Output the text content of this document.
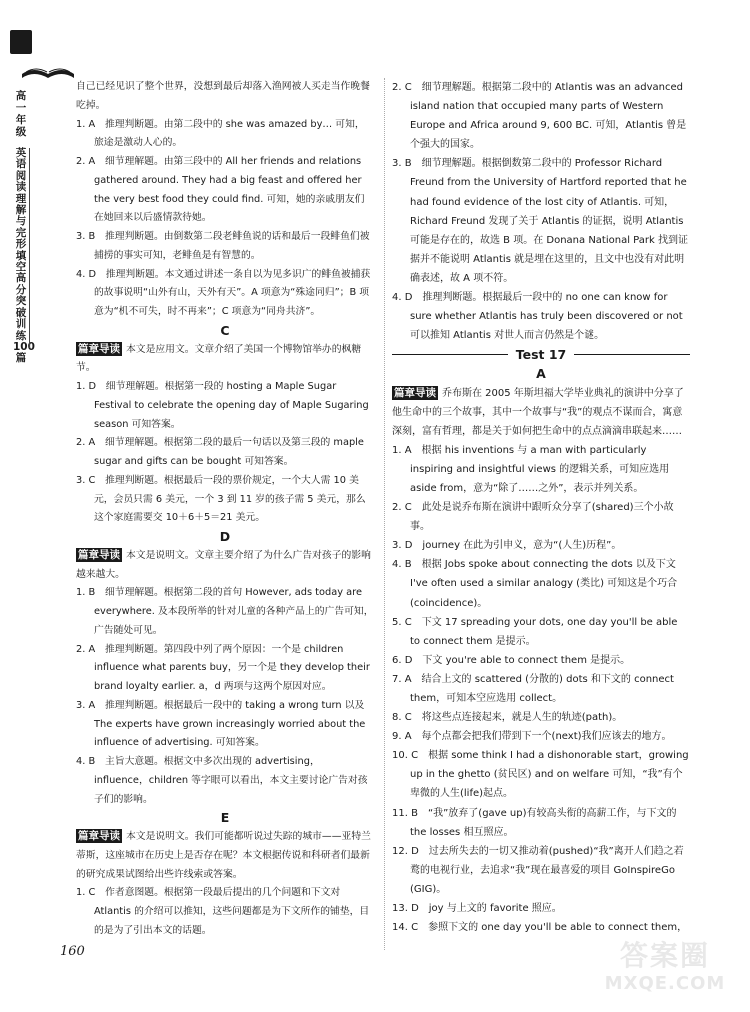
高一年级
英语阅读理解与完形填空高分突破训练100篇

自己已经见识了整个世界，没想到最后却落入渔网被人买走当作晚餐吃掉。

1. A　推理判断题。由第二段中的 she was amazed by… 可知，旅途是激动人心的。

2. A　细节理解题。由第三段中的 All her friends and relations gathered around. They had a big feast and offered her the very best food they could find. 可知，她的亲戚朋友们在她回来以后盛情款待她。

3. B　推理判断题。由倒数第二段老鲱鱼说的话和最后一段鲱鱼们被捕捞的事实可知，老鲱鱼是有智慧的。

4. D　推理判断题。本文通过讲述一条自以为见多识广的鲱鱼被捕获的故事说明“山外有山，天外有天”。A 项意为“殊途同归”；B 项意为“机不可失，时不再来”；C 项意为“同舟共济”。

C

篇章导读 本文是应用文。文章介绍了美国一个博物馆举办的枫糖节。

1. D　细节理解题。根据第一段的 hosting a Maple Sugar Festival to celebrate the opening day of Maple Sugaring season 可知答案。

2. A　细节理解题。根据第二段的最后一句话以及第三段的 maple sugar and gifts can be bought 可知答案。

3. C　推理判断题。根据最后一段的票价规定，一个大人需 10 美元，会员只需 6 美元，一个 3 到 11 岁的孩子需 5 美元，那么这个家庭需要交 10＋6＋5＝21 美元。

D

篇章导读 本文是说明文。文章主要介绍了为什么广告对孩子的影响越来越大。

1. B　细节理解题。根据第二段的首句 However, ads today are everywhere. 及本段所举的针对儿童的各种产品上的广告可知，广告随处可见。

2. A　推理判断题。第四段中列了两个原因：一个是 children influence what parents buy，另一个是 they develop their brand loyalty earlier. a，d 两项与这两个原因对应。

3. A　推理判断题。根据最后一段中的 taking a wrong turn 以及 The experts have grown increasingly worried about the influence of advertising. 可知答案。

4. B　主旨大意题。根据文中多次出现的 advertising，influence，children 等字眼可以看出，本文主要讨论广告对孩子们的影响。

E

篇章导读 本文是说明文。我们可能都听说过失踪的城市——亚特兰蒂斯，这座城市在历史上是否存在呢？本文根据传说和科研者们最新的研究成果试图给出些许线索或答案。

1. C　作者意图题。根据第一段最后提出的几个问题和下文对 Atlantis 的介绍可以推知，这些问题都是为下文所作的铺垫，目的是为了引出本文的话题。

2. C　细节理解题。根据第二段中的 Atlantis was an advanced island nation that occupied many parts of Western Europe and Africa around 9, 600 BC. 可知，Atlantis 曾是个强大的国家。

3. B　细节理解题。根据倒数第二段中的 Professor Richard Freund from the University of Hartford reported that he had found evidence of the lost city of Atlantis. 可知，Richard Freund 发现了关于 Atlantis 的证据，说明 Atlantis 可能是存在的，故选 B 项。在 Donana National Park 找到证据并不能说明 Atlantis 就是埋在这里的，且文中也没有对此明确表述，故 A 项不符。

4. D　推理判断题。根据最后一段中的 no one can know for sure whether Atlantis has truly been discovered or not 可以推知 Atlantis 对世人而言仍然是个谜。

Test 17

A

篇章导读 乔布斯在 2005 年斯坦福大学毕业典礼的演讲中分享了他生命中的三个故事，其中一个故事与“我”的观点不谋而合，寓意深刻，富有哲理，都是关于如何把生命中的点点滴滴串联起来……

1. A　根据 his inventions 与 a man with particularly inspiring and insightful views 的逻辑关系，可知应选用 aside from，意为“除了……之外”，表示并列关系。

2. C　此处是说乔布斯在演讲中跟听众分享了(shared)三个小故事。

3. D　journey 在此为引申义，意为“(人生)历程”。

4. B　根据 Jobs spoke about connecting the dots 以及下文 I've often used a similar analogy (类比) 可知这是个巧合(coincidence)。

5. C　下文 17 spreading your dots, one day you'll be able to connect them 是提示。

6. D　下文 you're able to connect them 是提示。

7. A　结合上文的 scattered (分散的) dots 和下文的 connect them，可知本空应选用 collect。

8. C　将这些点连接起来，就是人生的轨迹(path)。

9. A　每个点都会把我们带到下一个(next)我们应该去的地方。

10. C　根据 some think I had a dishonorable start，growing up in the ghetto (贫民区) and on welfare 可知，“我”有个卑微的人生(life)起点。

11. B　“我”放弃了(gave up)有较高头衔的高薪工作，与下文的 the losses 相互照应。

12. D　过去所失去的一切又推动着(pushed)“我”离开人们趋之若鹜的电视行业，去追求“我”现在最喜爱的项目 GoInspireGo (GIG)。

13. D　joy 与上文的 favorite 照应。

14. C　参照下文的 one day you'll be able to connect them，

160	答案圈
MXQE.COM
